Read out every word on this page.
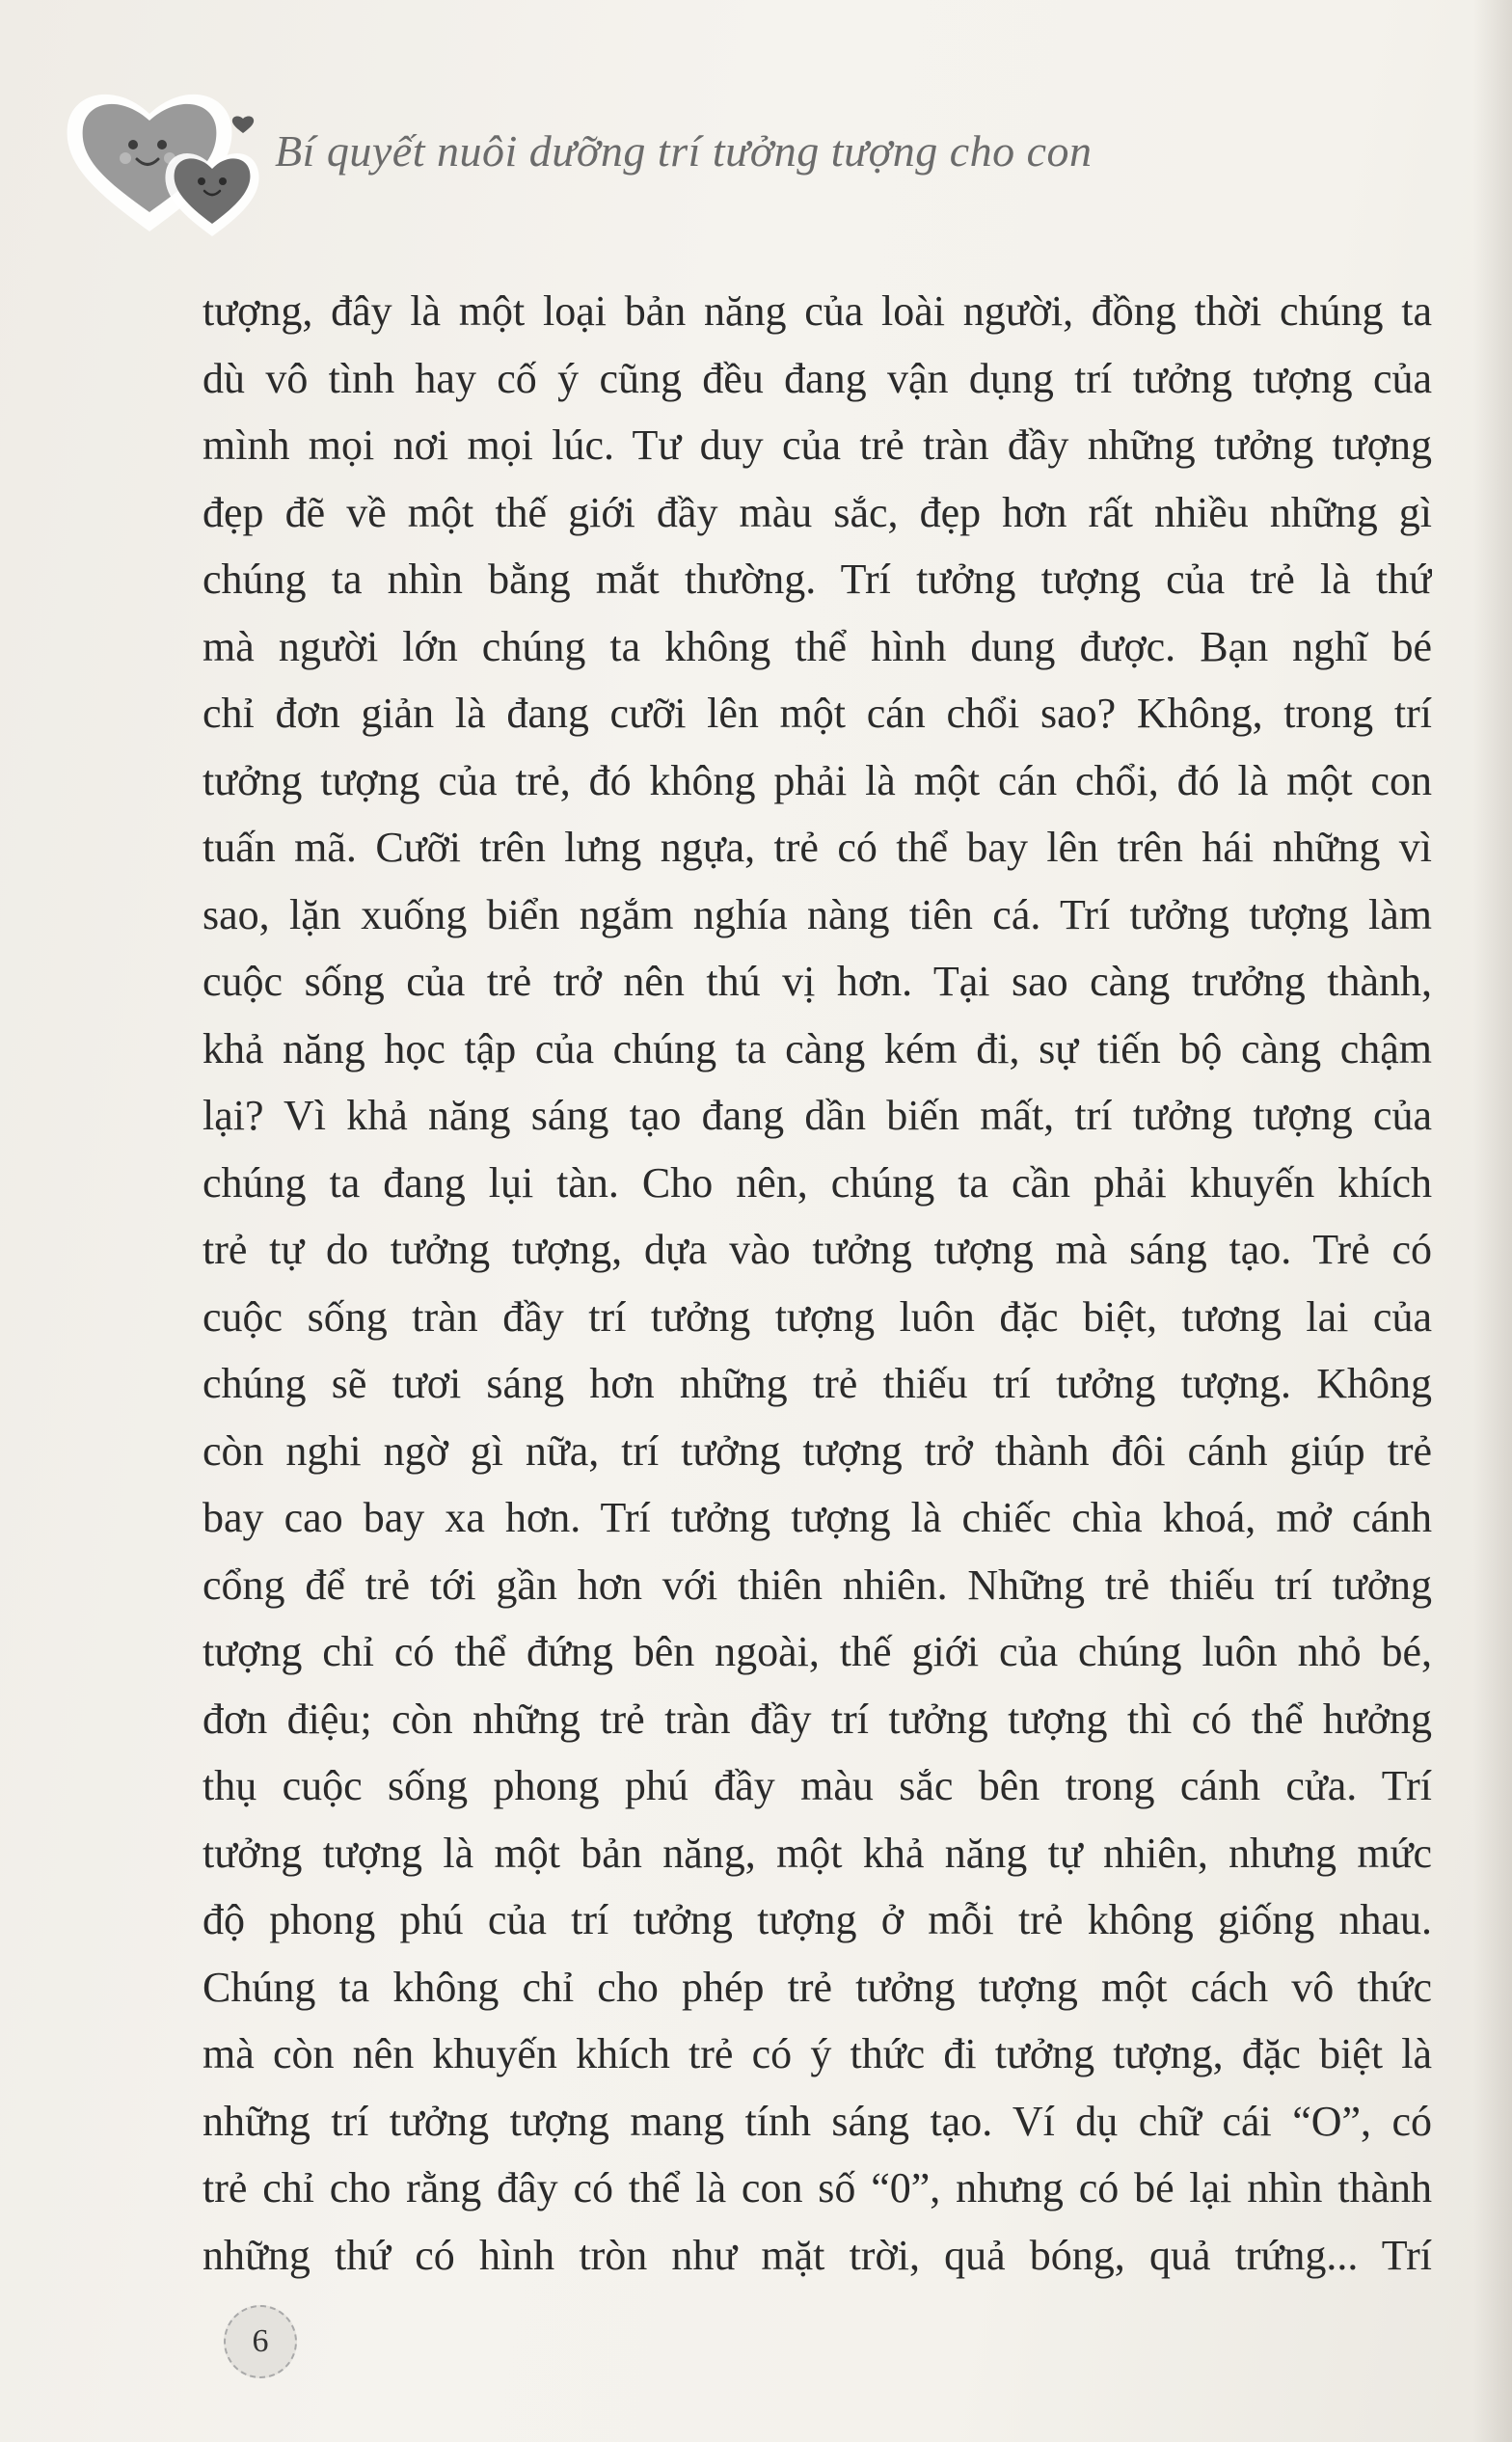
Bí quyết nuôi dưỡng trí tưởng tượng cho con
tượng, đây là một loại bản năng của loài người, đồng thời chúng ta
dù vô tình hay cố ý cũng đều đang vận dụng trí tưởng tượng của
mình mọi nơi mọi lúc. Tư duy của trẻ tràn đầy những tưởng tượng
đẹp đẽ về một thế giới đầy màu sắc, đẹp hơn rất nhiều những gì
chúng ta nhìn bằng mắt thường. Trí tưởng tượng của trẻ là thứ
mà người lớn chúng ta không thể hình dung được. Bạn nghĩ bé
chỉ đơn giản là đang cưỡi lên một cán chổi sao? Không, trong trí
tưởng tượng của trẻ, đó không phải là một cán chổi, đó là một con
tuấn mã. Cưỡi trên lưng ngựa, trẻ có thể bay lên trên hái những vì
sao, lặn xuống biển ngắm nghía nàng tiên cá. Trí tưởng tượng làm
cuộc sống của trẻ trở nên thú vị hơn. Tại sao càng trưởng thành,
khả năng học tập của chúng ta càng kém đi, sự tiến bộ càng chậm
lại? Vì khả năng sáng tạo đang dần biến mất, trí tưởng tượng của
chúng ta đang lụi tàn. Cho nên, chúng ta cần phải khuyến khích
trẻ tự do tưởng tượng, dựa vào tưởng tượng mà sáng tạo. Trẻ có
cuộc sống tràn đầy trí tưởng tượng luôn đặc biệt, tương lai của
chúng sẽ tươi sáng hơn những trẻ thiếu trí tưởng tượng. Không
còn nghi ngờ gì nữa, trí tưởng tượng trở thành đôi cánh giúp trẻ
bay cao bay xa hơn. Trí tưởng tượng là chiếc chìa khoá, mở cánh
cổng để trẻ tới gần hơn với thiên nhiên. Những trẻ thiếu trí tưởng
tượng chỉ có thể đứng bên ngoài, thế giới của chúng luôn nhỏ bé,
đơn điệu; còn những trẻ tràn đầy trí tưởng tượng thì có thể hưởng
thụ cuộc sống phong phú đầy màu sắc bên trong cánh cửa. Trí
tưởng tượng là một bản năng, một khả năng tự nhiên, nhưng mức
độ phong phú của trí tưởng tượng ở mỗi trẻ không giống nhau.
Chúng ta không chỉ cho phép trẻ tưởng tượng một cách vô thức
mà còn nên khuyến khích trẻ có ý thức đi tưởng tượng, đặc biệt là
những trí tưởng tượng mang tính sáng tạo. Ví dụ chữ cái “O”, có
trẻ chỉ cho rằng đây có thể là con số “0”, nhưng có bé lại nhìn thành
những thứ có hình tròn như mặt trời, quả bóng, quả trứng... Trí
6
